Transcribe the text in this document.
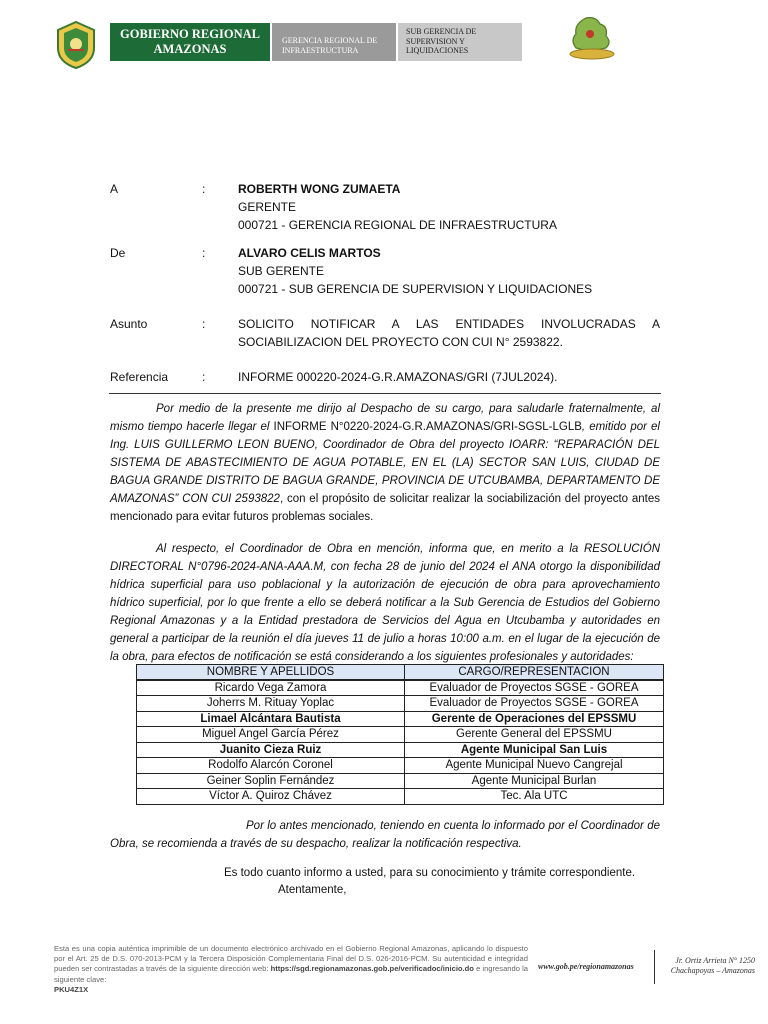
GOBIERNO REGIONAL
AMAZONAS
GERENCIA REGIONAL DE
INFRAESTRUCTURA
SUB GERENCIA DE
SUPERVISION Y
LIQUIDACIONES
A	:	ROBERTH WONG ZUMAETA
GERENTE
000721 - GERENCIA REGIONAL DE INFRAESTRUCTURA
De	:	ALVARO CELIS MARTOS
SUB GERENTE
000721 - SUB GERENCIA DE SUPERVISION Y LIQUIDACIONES
Asunto	:	SOLICITO NOTIFICAR A LAS ENTIDADES INVOLUCRADAS A SOCIABILIZACION DEL PROYECTO CON CUI N° 2593822.
Referencia	:	INFORME 000220-2024-G.R.AMAZONAS/GRI (7JUL2024).
Por medio de la presente me dirijo al Despacho de su cargo, para saludarle fraternalmente, al mismo tiempo hacerle llegar el INFORME N°0220-2024-G.R.AMAZONAS/GRI-SGSL-LGLB, emitido por el Ing. LUIS GUILLERMO LEON BUENO, Coordinador de Obra del proyecto IOARR: “REPARACIÓN DEL SISTEMA DE ABASTECIMIENTO DE AGUA POTABLE, EN EL (LA) SECTOR SAN LUIS, CIUDAD DE BAGUA GRANDE DISTRITO DE BAGUA GRANDE, PROVINCIA DE UTCUBAMBA, DEPARTAMENTO DE AMAZONAS” CON CUI 2593822, con el propósito de solicitar realizar la sociabilización del proyecto antes mencionado para evitar futuros problemas sociales.
Al respecto, el Coordinador de Obra en mención, informa que, en merito a la RESOLUCIÓN DIRECTORAL N°0796-2024-ANA-AAA.M, con fecha 28 de junio del 2024 el ANA otorgo la disponibilidad hídrica superficial para uso poblacional y la autorización de ejecución de obra para aprovechamiento hídrico superficial, por lo que frente a ello se deberá notificar a la Sub Gerencia de Estudios del Gobierno Regional Amazonas y a la Entidad prestadora de Servicios del Agua en Utcubamba y autoridades en general a participar de la reunión el día jueves 11 de julio a horas 10:00 a.m. en el lugar de la ejecución de la obra, para efectos de notificación se está considerando a los siguientes profesionales y autoridades:
NOMBRE Y APELLIDOS	CARGO/REPRESENTACION
Ricardo Vega Zamora	Evaluador de Proyectos SGSE - GOREA
Joherrs M. Rituay Yoplac	Evaluador de Proyectos SGSE - GOREA
Limael Alcántara Bautista	Gerente de Operaciones del EPSSMU
Miguel Angel García Pérez	Gerente General del EPSSMU
Juanito Cieza Ruiz	Agente Municipal San Luis
Rodolfo Alarcón Coronel	Agente Municipal Nuevo Cangrejal
Geiner Soplin Fernández	Agente Municipal Burlan
Víctor A. Quiroz Chávez	Tec. Ala UTC
Por lo antes mencionado, teniendo en cuenta lo informado por el Coordinador de Obra, se recomienda a través de su despacho, realizar la notificación respectiva.
Es todo cuanto informo a usted, para su conocimiento y trámite correspondiente.
Atentamente,
Esta es una copia auténtica imprimible de un documento electrónico archivado en el Gobierno Regional Amazonas, aplicando lo dispuesto por el Art. 25 de D.S. 070-2013-PCM y la Tercera Disposición Complementaria Final del D.S. 026-2016-PCM. Su autenticidad e integridad pueden ser contrastadas a través de la siguiente dirección web: https://sgd.regionamazonas.gob.pe/verificadoc/inicio.do e ingresando la siguiente clave:
PKU4Z1X
www.gob.pe/regionamazonas
Jr. Ortiz Arrieta N° 1250
Chachapoyas – Amazonas
